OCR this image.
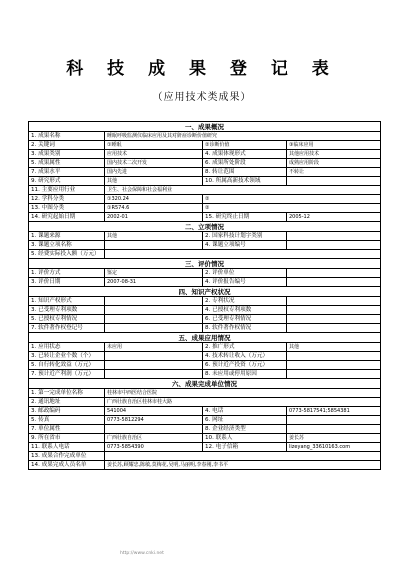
科 技 成 果 登 记 表
（应用技术类成果）
一、成果概况			
1. 成果名称	睡眠呼吸监测仪临床应用及其对鼾症诊断价值研究		
2. 关键词	①睡眠	②诊断价值	③临床应用
3. 成果类别	应用技术	4. 成果体现形式	其他应用技术
5. 成果属性	国内技术二次开发	6. 成果所处阶段	成熟应用阶段
7. 成果水平	国内先进	8. 转让范围	不转让
9. 研究形式	其他	10. 所属高新技术领域	
11. 主要应用行业	卫生、社会保障和社会福利业		
12. 学科分类	①320.24	②	
13. 中图分类	①R574.6	②	
14. 研究起始日期	2002-01	15. 研究终止日期	2005-12
二、立项情况			
1. 课题来源	其他	2. 国家科技计划字类别	
3. 课题立项名称		4. 课题立项编号	
5. 经费实际投入额（万元）			
三、评价情况			
1. 评价方式	鉴定	2. 评价单位	
3. 评价日期	2007-08-31	4. 评价报告编号	
四、知识产权状况			
1. 知识产权形式		2. 专利状况	
3. 已受理专利项数		4. 已授权专利项数	
5. 已授权专利情况		6. 已受理专利情况	
7. 软件著作权登记号		8. 软件著作权情况	
五、成果应用情况			
1. 应用状态	未应用	2. 推广形式	其他
3. 已转让企业个数（个）		4. 技术转让收入（万元）	
5. 自行转化效益（万元）		6. 预计近产投资（万元）	
7. 预计近产利润（万元）		8. 未应用或停用原因	
六、成果完成单位情况			
1. 第一完成单位名称	桂林市中西医结合医院		
2. 通讯地址	广西壮族自治区桂林市桂大路		
3. 邮政编码	541004	4. 电话	0773-5817541;5854381
5. 传真	0773-5812294	6. 网址	
7. 单位属性		8. 企业经济类型	
9. 所在省市	广西壮族自治区	10. 联系人	姜长苏
11. 联系人电话	0773-5854390	12. 电子信箱	lizeyang_33610163.com
13. 成果合作完成单位			
14. 成果完成人员名单	姜长苏,顾耀忠,陈敏,莫梅花,吴明,马丽明,李春刚,李书平		
http://www.cnki.net
